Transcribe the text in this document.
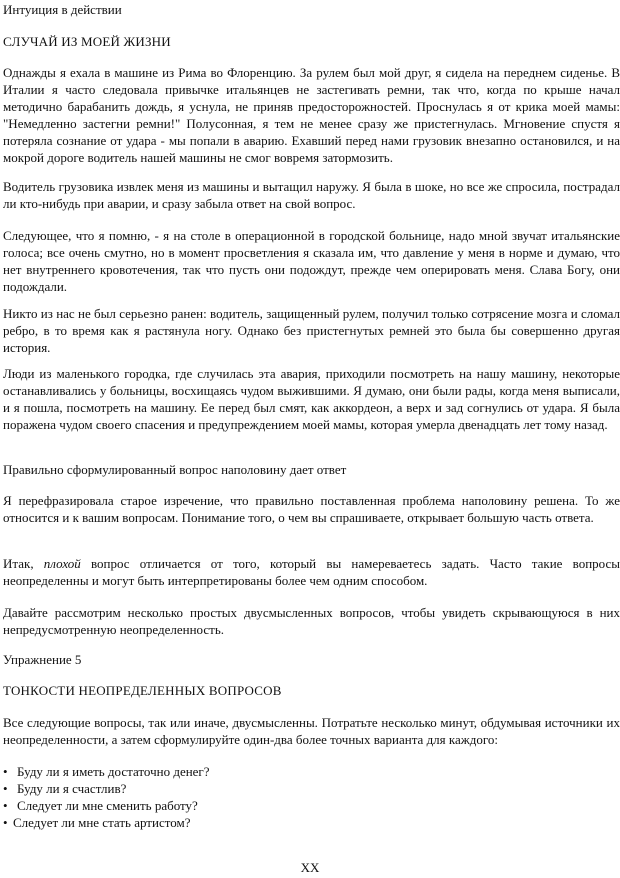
Интуиция в действии

СЛУЧАЙ ИЗ МОЕЙ ЖИЗНИ

Однажды я ехала в машине из Рима во Флоренцию. За рулем был мой друг, я сидела на переднем сиденье. В Италии я часто следовала привычке итальянцев не застегивать ремни, так что, когда по крыше начал методично барабанить дождь, я уснула, не приняв предосторожностей. Проснулась я от крика моей мамы: "Немедленно застегни ремни!" Полусонная, я тем не менее сразу же пристегнулась. Мгновение спустя я потеряла сознание от удара - мы попали в аварию. Ехавший перед нами грузовик внезапно остановился, и на мокрой дороге водитель нашей машины не смог вовремя затормозить.

Водитель грузовика извлек меня из машины и вытащил наружу. Я была в шоке, но все же спросила, пострадал ли кто-нибудь при аварии, и сразу забыла ответ на свой вопрос.

Следующее, что я помню, - я на столе в операционной в городской больнице, надо мной звучат итальянские голоса; все очень смутно, но в момент просветления я сказала им, что давление у меня в норме и думаю, что нет внутреннего кровотечения, так что пусть они подождут, прежде чем оперировать меня. Слава Богу, они подождали.

Никто из нас не был серьезно ранен: водитель, защищенный рулем, получил только сотрясение мозга и сломал ребро, в то время как я растянула ногу. Однако без пристегнутых ремней это была бы совершенно другая история.

Люди из маленького городка, где случилась эта авария, приходили посмотреть на нашу машину, некоторые останавливались у больницы, восхищаясь чудом выжившими. Я думаю, они были рады, когда меня выписали, и я пошла, посмотреть на машину. Ее перед был смят, как аккордеон, а верх и зад согнулись от удара. Я была поражена чудом своего спасения и предупреждением моей мамы, которая умерла двенадцать лет тому назад.

Правильно сформулированный вопрос наполовину дает ответ

Я перефразировала старое изречение, что правильно поставленная проблема наполовину решена. То же относится и к вашим вопросам. Понимание того, о чем вы спрашиваете, открывает большую часть ответа.

Итак, плохой вопрос отличается от того, который вы намереваетесь задать. Часто такие вопросы неопределенны и могут быть интерпретированы более чем одним способом.

Давайте рассмотрим несколько простых двусмысленных вопросов, чтобы увидеть скрывающуюся в них непредусмотренную неопределенность.

Упражнение 5

ТОНКОСТИ НЕОПРЕДЕЛЕННЫХ ВОПРОСОВ

Все следующие вопросы, так или иначе, двусмысленны. Потратьте несколько минут, обдумывая источники их неопределенности, а затем сформулируйте один-два более точных варианта для каждого:

• Буду ли я иметь достаточно денег?
• Буду ли я счастлив?
• Следует ли мне сменить работу?
• Следует ли мне стать артистом?
XX
